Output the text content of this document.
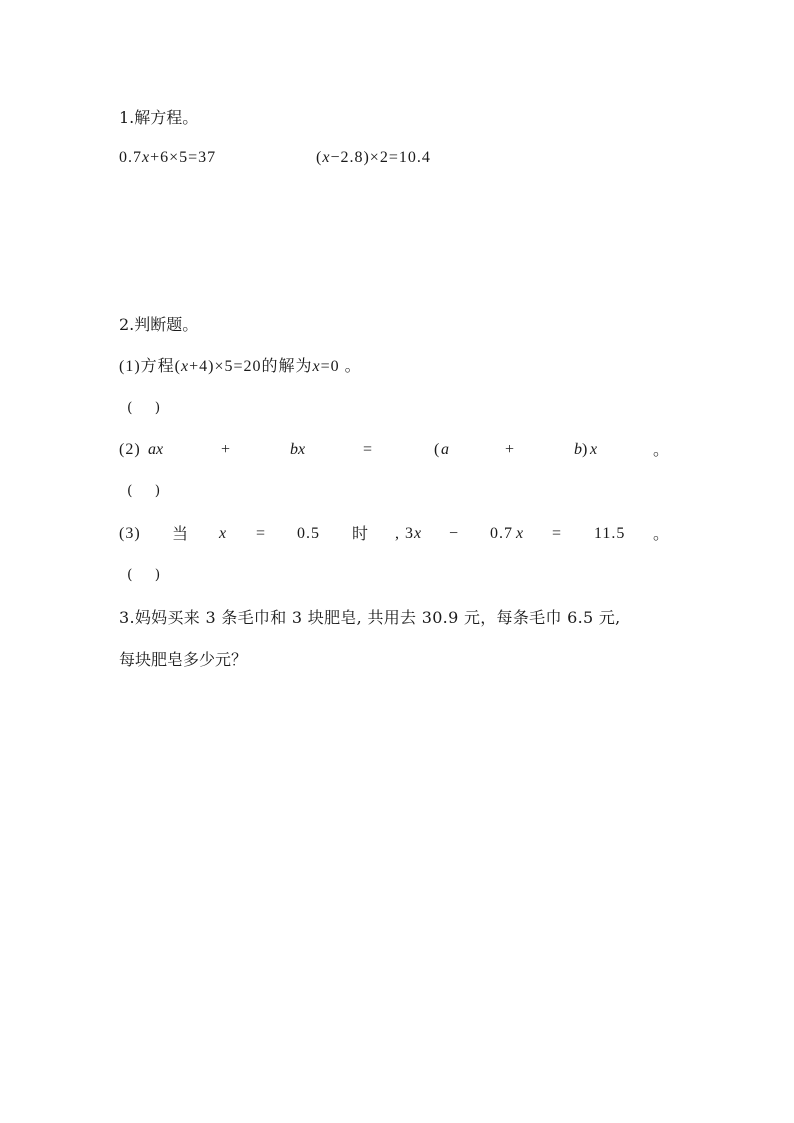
1.解方程。
0.7x+6×5=37	(x−2.8)×2=10.4
2.判断题。
(1)方程(x+4)×5=20的解为x=0 。
(     )
(2) ax	+	bx	=	( a	+	b ) x	。
(     )
(3) 当 x = 0.5 时 , 3 x − 0.7 x = 11.5 。
(     )
3.妈妈买来 3 条毛巾和 3 块肥皂, 共用去 30.9 元，每条毛巾 6.5 元,
每块肥皂多少元？
